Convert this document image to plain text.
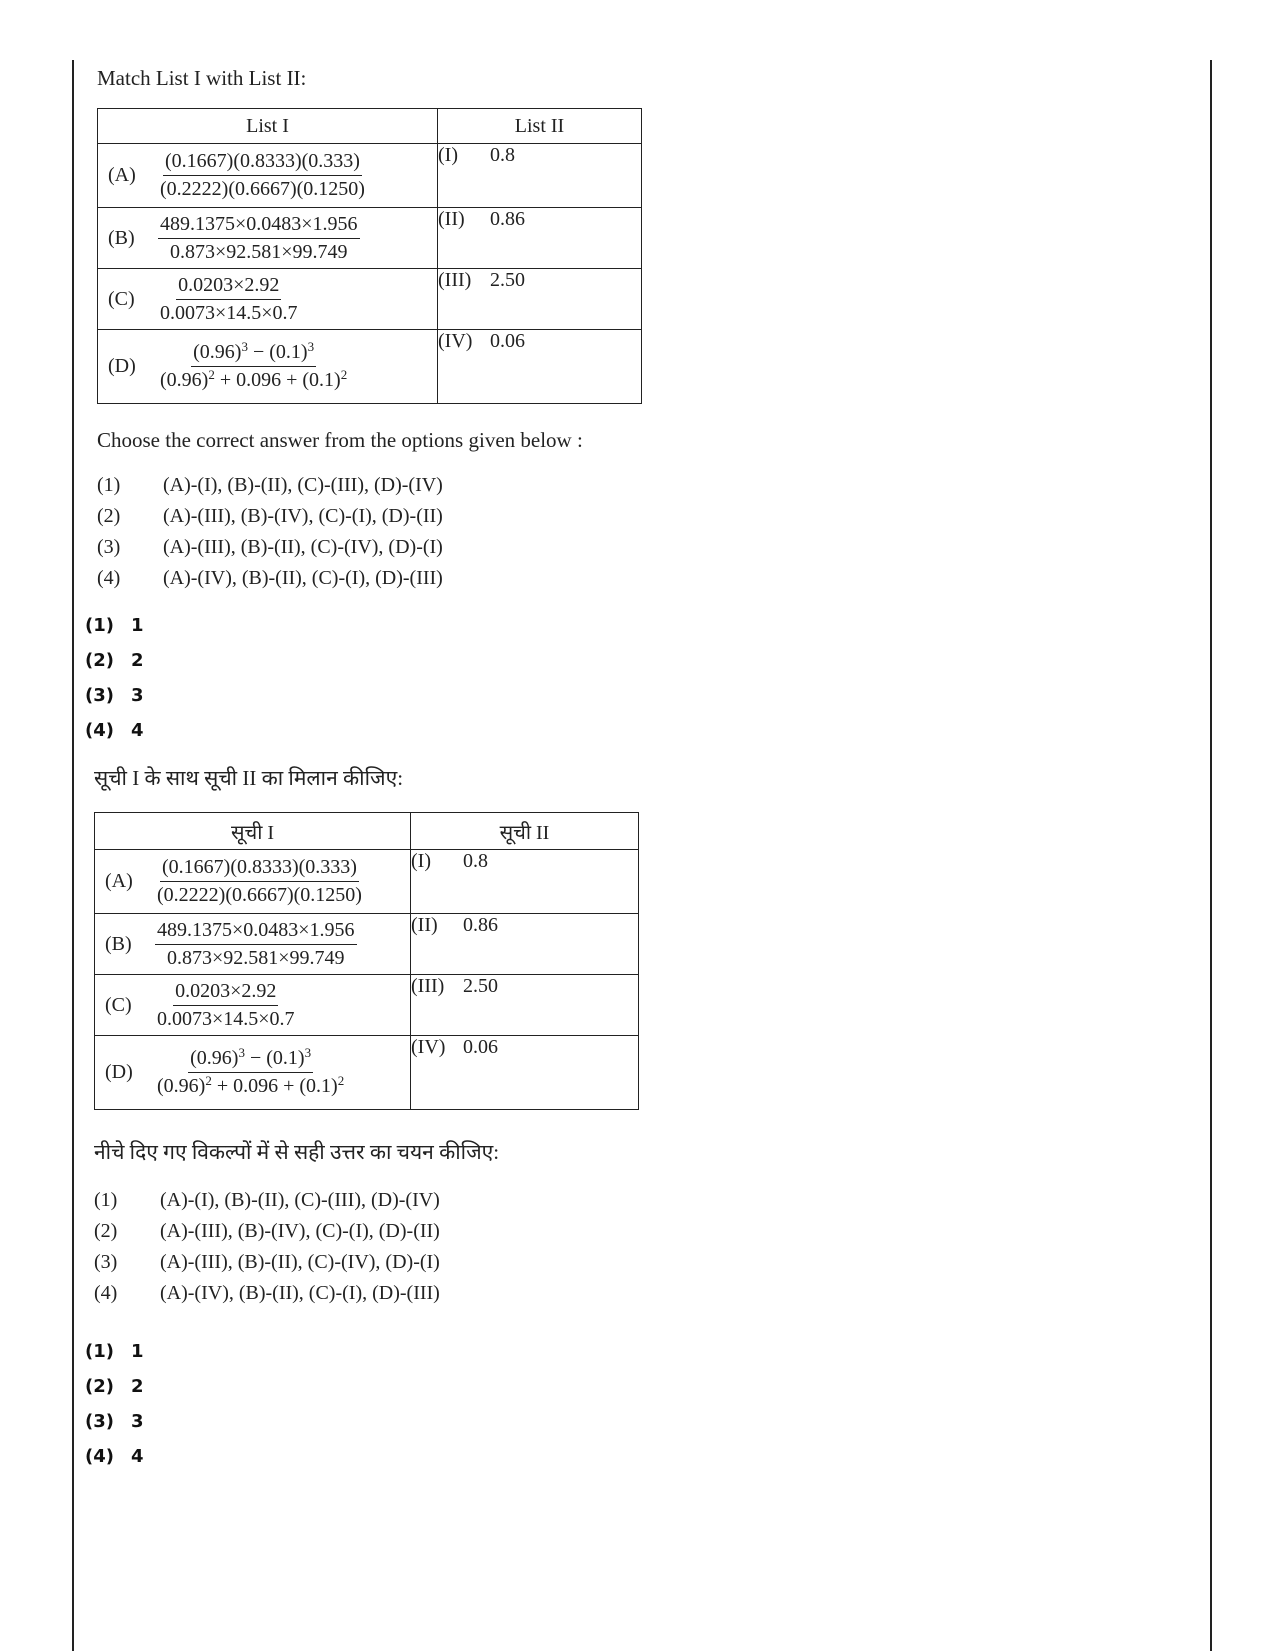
Match List I with List II:
List I	List II

$(A) \frac{(0.1667)(0.8333)(0.333)}{(0.2222)(0.6667)(0.1250)}$	(I) 0.8

$(B) \frac{489.1375\times 0.0483\times 1.956}{0.873\times 92.581\times 99.749}$	(II) 0.86

$(C) \frac{0.0203\times 2.92}{0.0073\times 14.5\times 0.7}$	(III) 2.50

$(D) \frac{(0.96)^3 - (0.1)^3}{(0.96)^2 + 0.096 + (0.1)^2}$	(IV) 0.06
Choose the correct answer from the options given below :
(1) (A)-(I), (B)-(II), (C)-(III), (D)-(IV)
(2) (A)-(III), (B)-(IV), (C)-(I), (D)-(II)
(3) (A)-(III), (B)-(II), (C)-(IV), (D)-(I)
(4) (A)-(IV), (B)-(II), (C)-(I), (D)-(III)
(1) 1
(2) 2
(3) 3
(4) 4
सूची I के साथ सूची II का मिलान कीजिए:
सूची I	सूची II

$(A) \frac{(0.1667)(0.8333)(0.333)}{(0.2222)(0.6667)(0.1250)}$	(I) 0.8

$(B) \frac{489.1375\times 0.0483\times 1.956}{0.873\times 92.581\times 99.749}$	(II) 0.86

$(C) \frac{0.0203\times 2.92}{0.0073\times 14.5\times 0.7}$	(III) 2.50

$(D) \frac{(0.96)^3 - (0.1)^3}{(0.96)^2 + 0.096 + (0.1)^2}$	(IV) 0.06
नीचे दिए गए विकल्पों में से सही उत्तर का चयन कीजिए:
(1) (A)-(I), (B)-(II), (C)-(III), (D)-(IV)
(2) (A)-(III), (B)-(IV), (C)-(I), (D)-(II)
(3) (A)-(III), (B)-(II), (C)-(IV), (D)-(I)
(4) (A)-(IV), (B)-(II), (C)-(I), (D)-(III)
(1) 1
(2) 2
(3) 3
(4) 4
